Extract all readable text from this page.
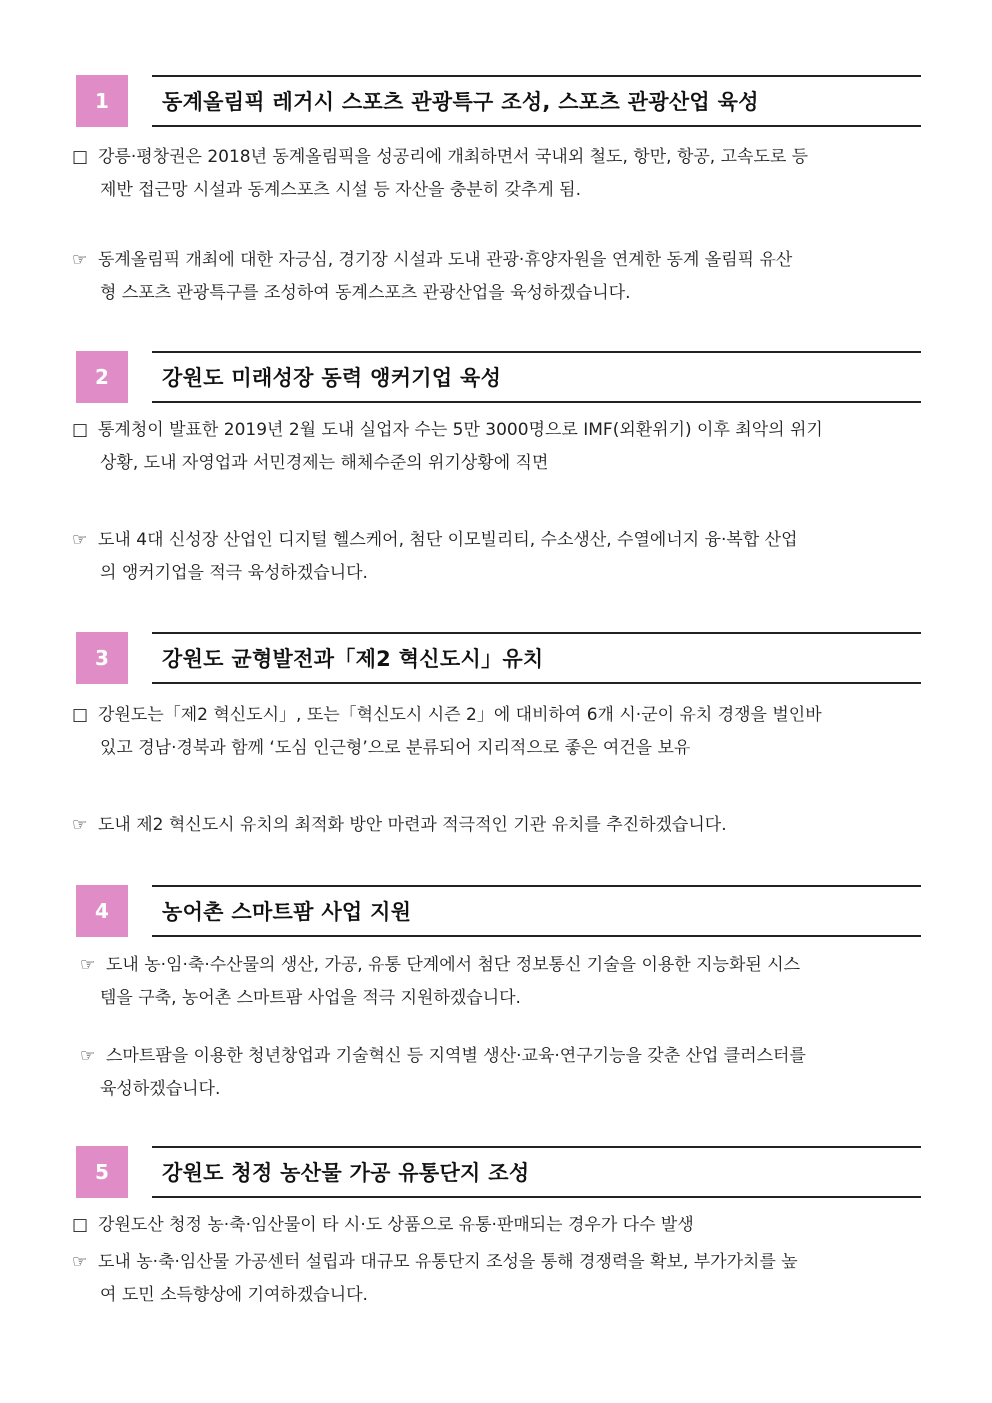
1	동계올림픽 레거시 스포츠 관광특구 조성, 스포츠 관광산업 육성
□ 강릉·평창권은 2018년 동계올림픽을 성공리에 개최하면서 국내외 철도, 항만, 항공, 고속도로 등
제반 접근망 시설과 동계스포츠 시설 등 자산을 충분히 갖추게 됨.
☞ 동계올림픽 개최에 대한 자긍심, 경기장 시설과 도내 관광·휴양자원을 연계한 동계 올림픽 유산
형 스포츠 관광특구를 조성하여 동계스포츠 관광산업을 육성하겠습니다.
2	강원도 미래성장 동력 앵커기업 육성
□ 통계청이 발표한 2019년 2월 도내 실업자 수는 5만 3000명으로 IMF(외환위기) 이후 최악의 위기
상황, 도내 자영업과 서민경제는 해체수준의 위기상황에 직면
☞ 도내 4대 신성장 산업인 디지털 헬스케어, 첨단 이모빌리티, 수소생산, 수열에너지 융·복합 산업
의 앵커기업을 적극 육성하겠습니다.
3	강원도 균형발전과「제2 혁신도시」유치
□ 강원도는「제2 혁신도시」, 또는「혁신도시 시즌 2」에 대비하여 6개 시·군이 유치 경쟁을 벌인바
있고 경남·경북과 함께 ‘도심 인근형’으로 분류되어 지리적으로 좋은 여건을 보유
☞ 도내 제2 혁신도시 유치의 최적화 방안 마련과 적극적인 기관 유치를 추진하겠습니다.
4	농어촌 스마트팜 사업 지원
☞ 도내 농·임·축·수산물의 생산, 가공, 유통 단계에서 첨단 정보통신 기술을 이용한 지능화된 시스
템을 구축, 농어촌 스마트팜 사업을 적극 지원하겠습니다.
☞ 스마트팜을 이용한 청년창업과 기술혁신 등 지역별 생산·교육·연구기능을 갖춘 산업 클러스터를
육성하겠습니다.
5	강원도 청정 농산물 가공 유통단지 조성
□ 강원도산 청정 농·축·임산물이 타 시·도 상품으로 유통·판매되는 경우가 다수 발생
☞ 도내 농·축·임산물 가공센터 설립과 대규모 유통단지 조성을 통해 경쟁력을 확보, 부가가치를 높
여 도민 소득향상에 기여하겠습니다.
